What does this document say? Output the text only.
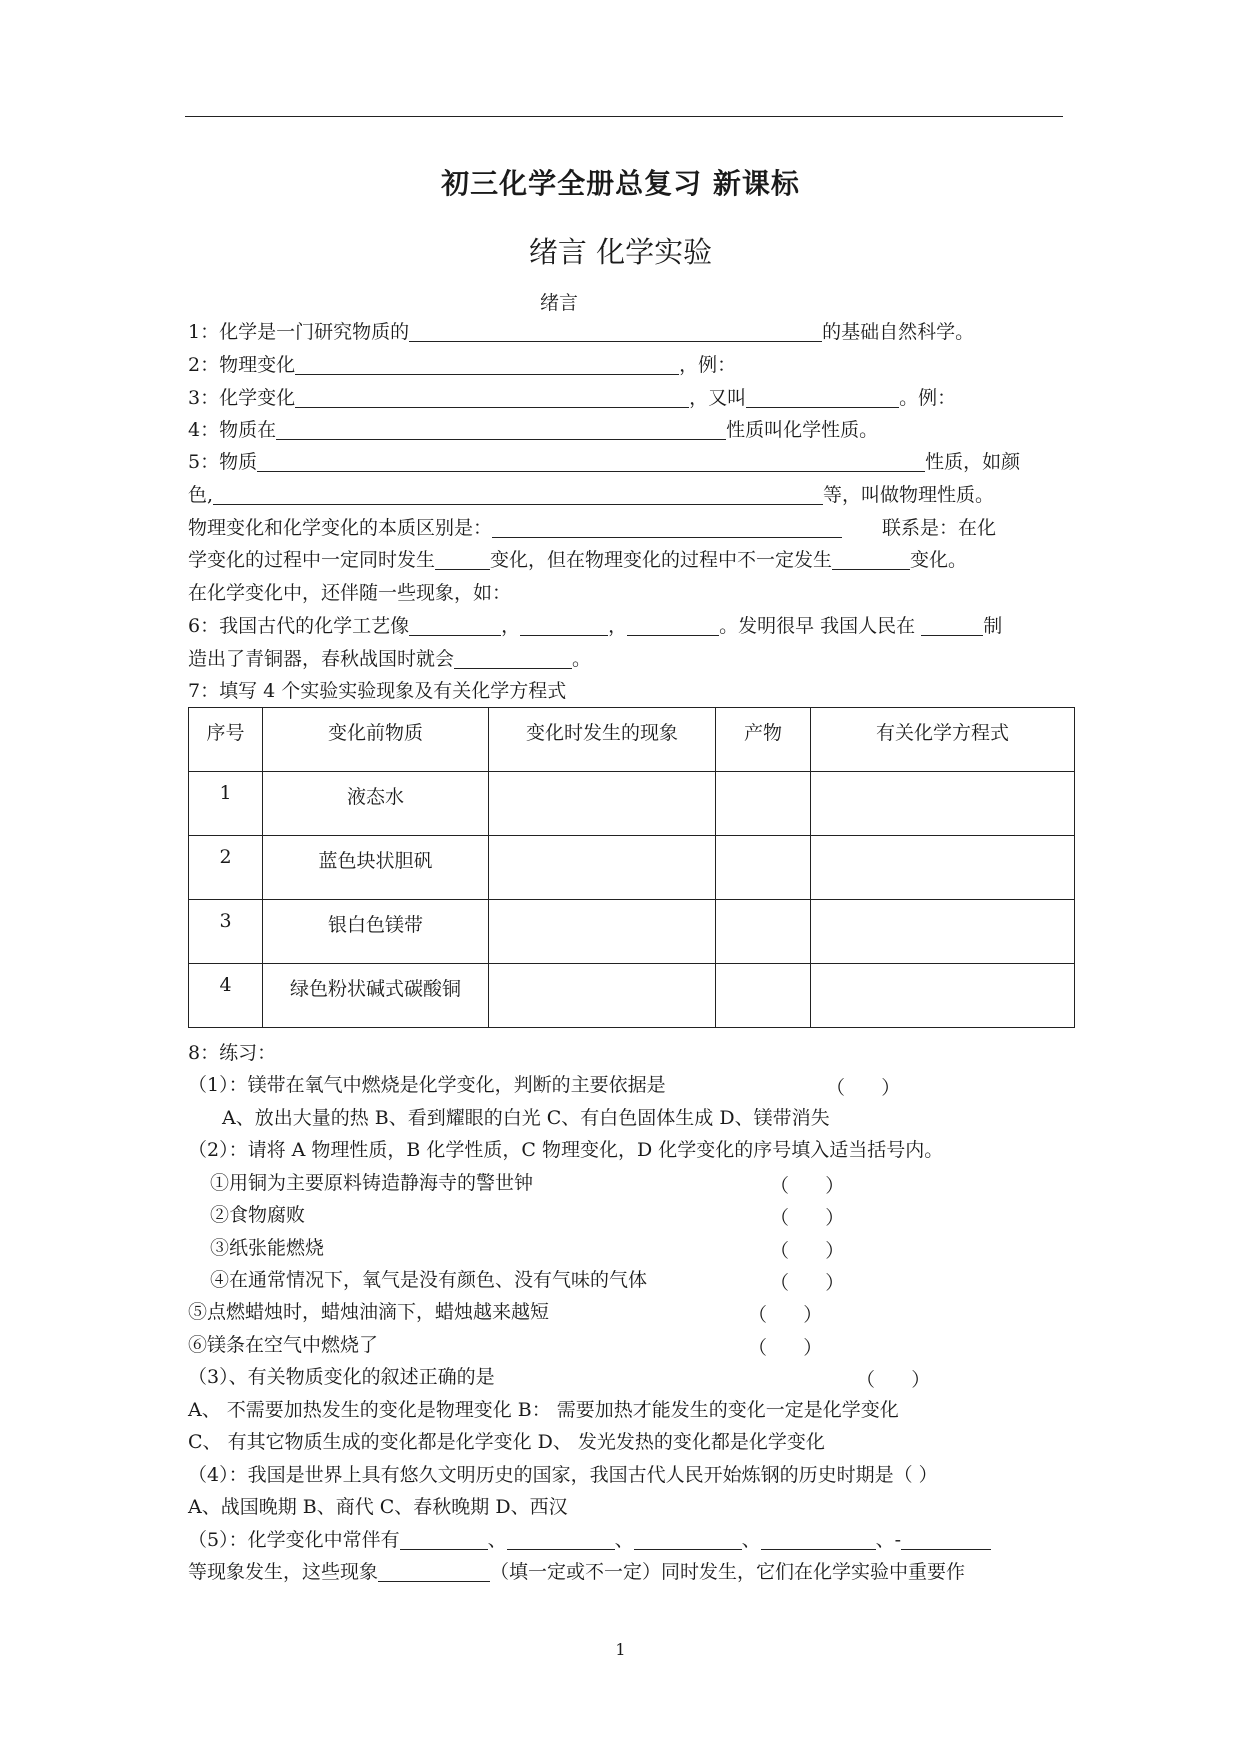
初三化学全册总复习 新课标
绪言 化学实验
绪言
1：化学是一门研究物质的	的基础自然科学。
2：物理变化	，例：
3：化学变化	，又叫	。例：
4：物质在	性质叫化学性质。
5：物质	性质，如颜
色,	等，叫做物理性质。
物理变化和化学变化的本质区别是：	联系是：在化
学变化的过程中一定同时发生	变化，但在物理变化的过程中不一定发生	变化。
在化学变化中，还伴随一些现象，如：
6：我国古代的化学工艺像	，	，	。发明很早 我国人民在	制
造出了青铜器，春秋战国时就会	。
7：填写 4 个实验实验现象及有关化学方程式
序号	变化前物质	变化时发生的现象	产物	有关化学方程式
1	液态水			
2	蓝色块状胆矾			
3	银白色镁带			
4	绿色粉状碱式碳酸铜			
8：练习：
（1）：镁带在氧气中燃烧是化学变化，判断的主要依据是	（      ）
A、放出大量的热 B、看到耀眼的白光 C、有白色固体生成 D、镁带消失
（2）：请将 A 物理性质，B 化学性质，C 物理变化，D 化学变化的序号填入适当括号内。
①用铜为主要原料铸造静海寺的警世钟	（      ）
②食物腐败	（      ）
③纸张能燃烧	（      ）
④在通常情况下，氧气是没有颜色、没有气味的气体	（      ）
⑤点燃蜡烛时，蜡烛油滴下，蜡烛越来越短	（      ）
⑥镁条在空气中燃烧了	（      ）
（3）、有关物质变化的叙述正确的是	（      ）
A、 不需要加热发生的变化是物理变化 B： 需要加热才能发生的变化一定是化学变化
C、 有其它物质生成的变化都是化学变化 D、 发光发热的变化都是化学变化
（4）：我国是世界上具有悠久文明历史的国家，我国古代人民开始炼钢的历史时期是（ ）
A、战国晚期 B、商代 C、春秋晚期 D、西汉
（5）：化学变化中常伴有	、	、	、	、-
等现象发生，这些现象	（填一定或不一定）同时发生，它们在化学实验中重要作
1
